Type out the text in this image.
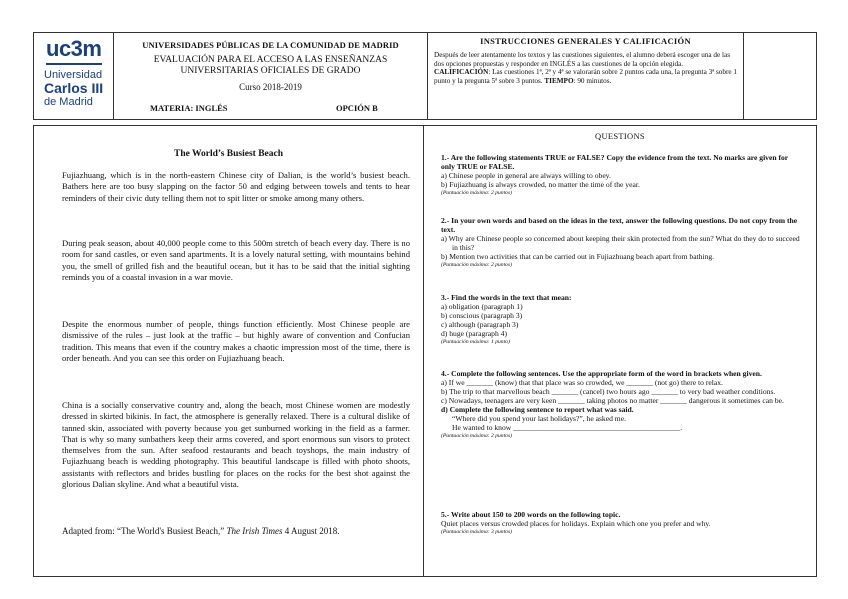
uc3m
Universidad
Carlos III
de Madrid
UNIVERSIDADES PÚBLICAS DE LA COMUNIDAD DE MADRID
EVALUACIÓN PARA EL ACCESO A LAS ENSEÑANZAS
UNIVERSITARIAS OFICIALES DE GRADO
Curso 2018-2019
MATERIA: INGLÉS	OPCIÓN B
INSTRUCCIONES GENERALES Y CALIFICACIÓN
Después de leer atentamente los textos y las cuestiones siguientes, el alumno deberá escoger una de las dos opciones propuestas y responder en INGLÉS a las cuestiones de la opción elegida.
CALIFICACIÓN: Las cuestiones 1ª, 2ª y 4ª se valorarán sobre 2 puntos cada una, la pregunta 3ª sobre 1 punto y la pregunta 5ª sobre 3 puntos. TIEMPO: 90 minutos.
The World’s Busiest Beach
Fujiazhuang, which is in the north-eastern Chinese city of Dalian, is the world’s busiest beach. Bathers here are too busy slapping on the factor 50 and edging between towels and tents to hear reminders of their civic duty telling them not to spit litter or smoke among many others.
During peak season, about 40,000 people come to this 500m stretch of beach every day. There is no room for sand castles, or even sand apartments. It is a lovely natural setting, with mountains behind you, the smell of grilled fish and the beautiful ocean, but it has to be said that the initial sighting reminds you of a coastal invasion in a war movie.
Despite the enormous number of people, things function efficiently. Most Chinese people are dismissive of the rules – just look at the traffic – but highly aware of convention and Confucian tradition. This means that even if the country makes a chaotic impression most of the time, there is order beneath. And you can see this order on Fujiazhuang beach.
China is a socially conservative country and, along the beach, most Chinese women are modestly dressed in skirted bikinis. In fact, the atmosphere is generally relaxed. There is a cultural dislike of tanned skin, associated with poverty because you get sunburned working in the field as a farmer. That is why so many sunbathers keep their arms covered, and sport enormous sun visors to protect themselves from the sun. After seafood restaurants and beach toyshops, the main industry of Fujiazhuang beach is wedding photography. This beautiful landscape is filled with photo shoots, assistants with reflectors and brides bustling for places on the rocks for the best shot against the glorious Dalian skyline. And what a beautiful vista.
Adapted from: “The World's Busiest Beach,” The Irish Times 4 August 2018.
QUESTIONS
1.- Are the following statements TRUE or FALSE? Copy the evidence from the text. No marks are given for only TRUE or FALSE.
a) Chinese people in general are always willing to obey.
b) Fujiazhuang is always crowded, no matter the time of the year.
(Puntuación máxima: 2 puntos)
2.- In your own words and based on the ideas in the text, answer the following questions. Do not copy from the text.
a) Why are Chinese people so concerned about keeping their skin protected from the sun? What do they do to succeed in this?
b) Mention two activities that can be carried out in Fujiazhuang beach apart from bathing.
(Puntuación máxima: 2 puntos)
3.- Find the words in the text that mean:
a) obligation (paragraph 1)
b) conscious (paragraph 3)
c) although (paragraph 3)
d) huge (paragraph 4)
(Puntuación máxima: 1 punto)
4.- Complete the following sentences. Use the appropriate form of the word in brackets when given.
a) If we _______ (know) that that place was so crowded, we _______ (not go) there to relax.
b) The trip to that marvellous beach _______ (cancel) two hours ago _______ to very bad weather conditions.
c) Nowadays, teenagers are very keen _______ taking photos no matter _______ dangerous it sometimes can be.
d) Complete the following sentence to report what was said.
“Where did you spend your last holidays?”, he asked me.
He wanted to know ____________________________________________.
(Puntuación máxima: 2 puntos)
5.- Write about 150 to 200 words on the following topic.
Quiet places versus crowded places for holidays. Explain which one you prefer and why.
(Puntuación máxima: 3 puntos)
